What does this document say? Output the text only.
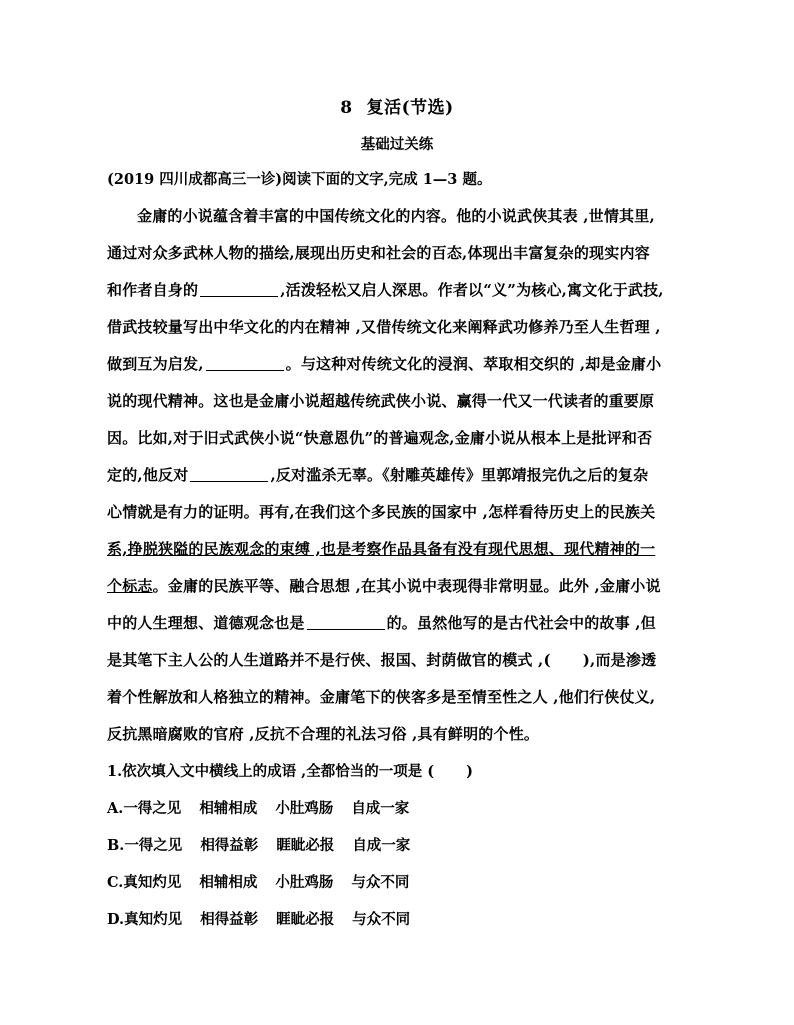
8 复活(节选)
基础过关练
(2019 四川成都高三一诊)阅读下面的文字,完成 1—3 题。
金庸的小说蕴含着丰富的中国传统文化的内容。他的小说武侠其表 ,世情其里,
通过对众多武林人物的描绘,展现出历史和社会的百态,体现出丰富复杂的现实内容
和作者自身的	,活泼轻松又启人深思。作者以“义”为核心,寓文化于武技,
借武技较量写出中华文化的内在精神 ,又借传统文化来阐释武功修养乃至人生哲理 ,
做到互为启发,	。与这种对传统文化的浸润、萃取相交织的 ,却是金庸小
说的现代精神。这也是金庸小说超越传统武侠小说、赢得一代又一代读者的重要原
因。比如,对于旧式武侠小说“快意恩仇”的普遍观念,金庸小说从根本上是批评和否
定的,他反对	,反对滥杀无辜。《射雕英雄传》里郭靖报完仇之后的复杂
心情就是有力的证明。再有,在我们这个多民族的国家中 ,怎样看待历史上的民族关
系,挣脱狭隘的民族观念的束缚 ,也是考察作品具备有没有现代思想、现代精神的一
个标志。金庸的民族平等、融合思想 ,在其小说中表现得非常明显。此外 ,金庸小说
中的人生理想、道德观念也是	的。虽然他写的是古代社会中的故事 ,但
是其笔下主人公的人生道路并不是行侠、报国、封荫做官的模式 ,( ),而是渗透
着个性解放和人格独立的精神。金庸笔下的侠客多是至情至性之人 ,他们行侠仗义,
反抗黑暗腐败的官府 ,反抗不合理的礼法习俗 ,具有鲜明的个性。
1.依次填入文中横线上的成语 ,全都恰当的一项是 ( )
A.一得之见 相辅相成 小肚鸡肠 自成一家
B.一得之见 相得益彰 睚眦必报 自成一家
C.真知灼见 相辅相成 小肚鸡肠 与众不同
D.真知灼见 相得益彰 睚眦必报 与众不同
